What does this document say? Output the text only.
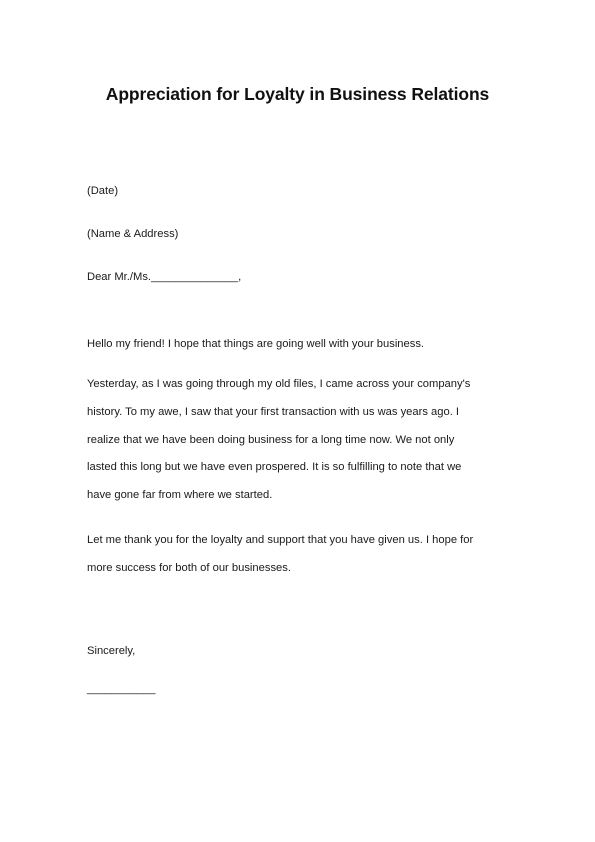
Appreciation for Loyalty in Business Relations
(Date)
(Name & Address)
Dear Mr./Ms.______________,
Hello my friend! I hope that things are going well with your business.
Yesterday, as I was going through my old files, I came across your company's
history. To my awe, I saw that your first transaction with us was years ago. I
realize that we have been doing business for a long time now. We not only
lasted this long but we have even prospered. It is so fulfilling to note that we
have gone far from where we started.
Let me thank you for the loyalty and support that you have given us. I hope for
more success for both of our businesses.
Sincerely,
___________
